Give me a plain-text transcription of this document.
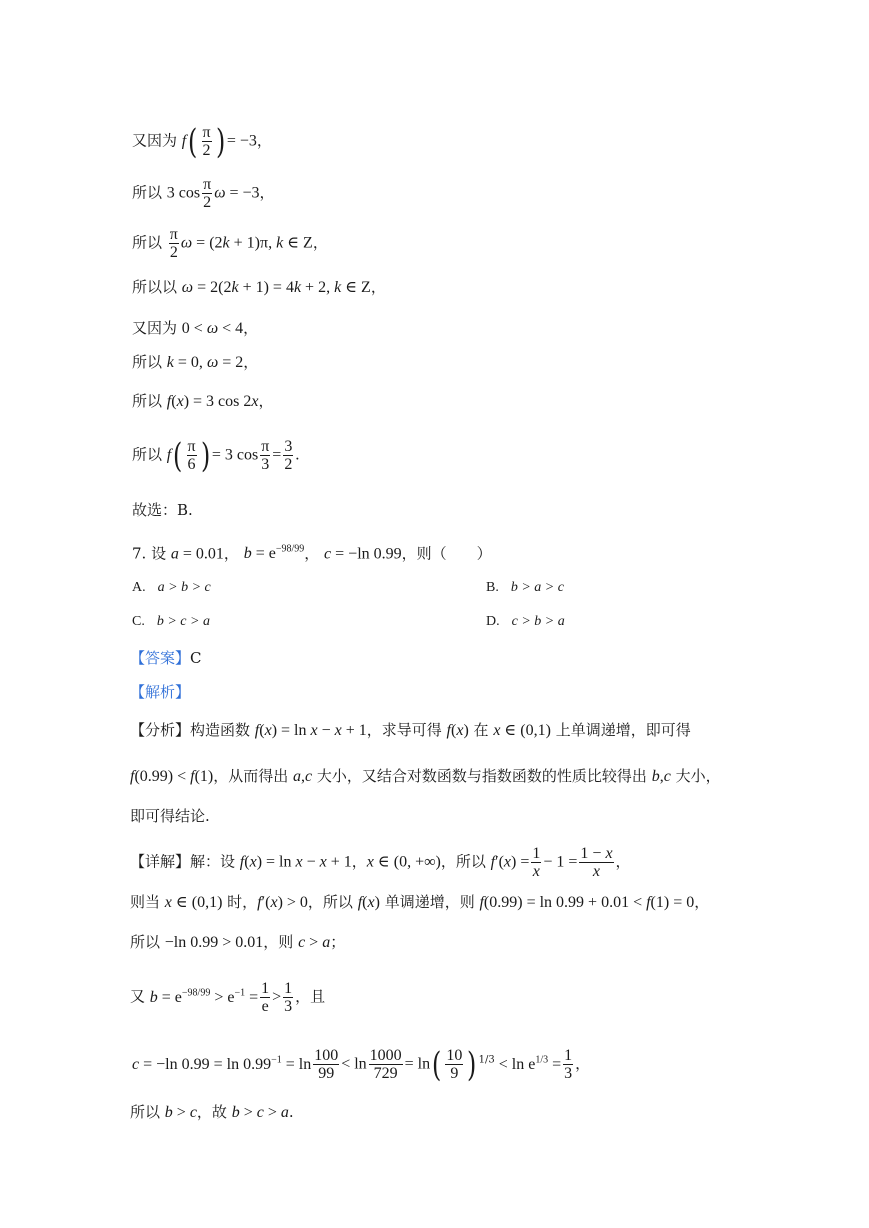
又因为 $f( \frac{\pi}{2}$ ) = −3，
所以 3 $\cos \frac{\pi}{2}$ ω = −3，
所以 $\frac{\pi}{2}$ ω = (2k + 1)π, k ∈ Z，
所以以 ω = 2(2k + 1) = 4k + 2, k ∈ Z，
又因为 0 < ω < 4，
所以 k = 0, ω = 2，
所以 f(x) = 3 cos 2x，
所以 $f( \frac{\pi}{6}$ ) = 3 $\cos \frac{\pi}{3} = \frac{3}{2}$ .
故选：B.
7. 设 a = 0.01， $b = e^{-98/99}$， c = −ln 0.99，则（　　）
A. a > b > c	B. b > a > c
C. b > c > a	D. c > b > a
【答案】C
【解析】
【分析】构造函数 f(x) = ln x − x + 1，求导可得 f(x) 在 x ∈ (0,1) 上单调递增，即可得
f(0.99) < f(1)，从而得出 a,c 大小，又结合对数函数与指数函数的性质比较得出 b,c 大小，
即可得结论.
【详解】解：设 f(x) = ln x − x + 1，x ∈ (0, +∞)，所以 $f'(x) = \frac{1}{x} - 1 = \frac{1 - x}{x}$ ，
则当 x ∈ (0,1) 时，f′(x) > 0，所以 f(x) 单调递增，则 f(0.99) = ln 0.99 + 0.01 < f(1) = 0，
所以 −ln 0.99 > 0.01，则 c > a；
又 $b = e^{-98/99} > e^{-1} = \frac{1}{e} > \frac{1}{3}$ ，且
c = −ln $0.99 = \ln 0.99^{-1} = \ln \frac{100}{99} < \ln \frac{1000}{729} = \ln( \frac{10}{9}$ ) $^{1/3} < \ln e^{1/3} = \frac{1}{3}$ ，
所以 b > c，故 b > c > a.
